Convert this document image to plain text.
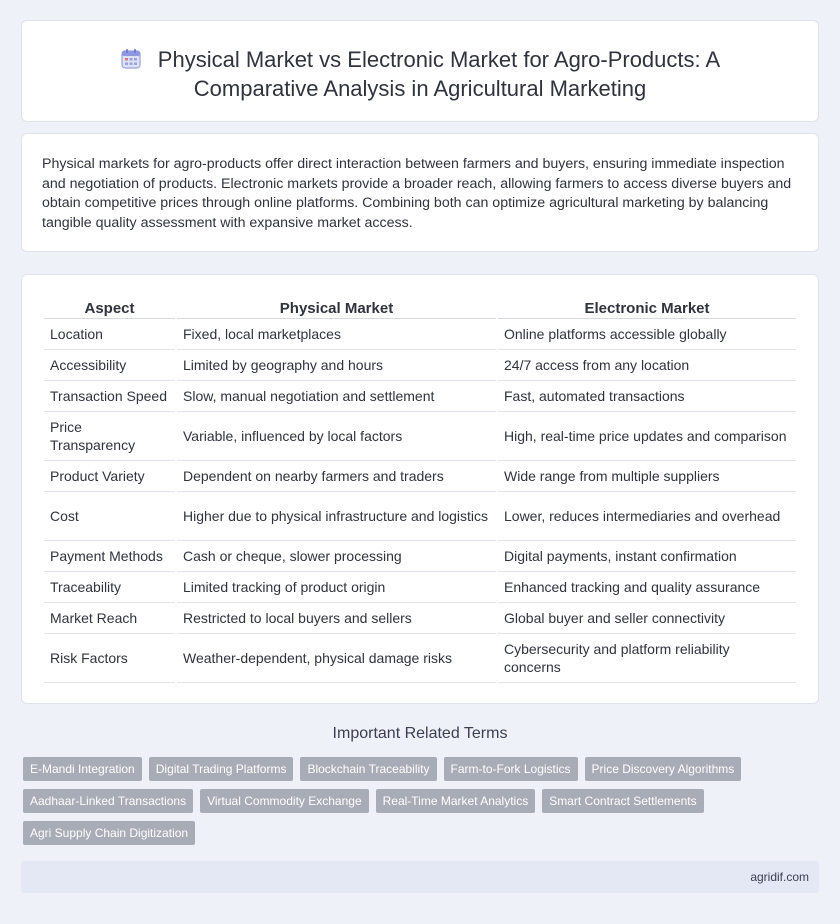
Physical Market vs Electronic Market for Agro-Products: A Comparative Analysis in Agricultural Marketing

Physical markets for agro-products offer direct interaction between farmers and buyers, ensuring immediate inspection and negotiation of products. Electronic markets provide a broader reach, allowing farmers to access diverse buyers and obtain competitive prices through online platforms. Combining both can optimize agricultural marketing by balancing tangible quality assessment with expansive market access.

Aspect	Physical Market	Electronic Market
Location	Fixed, local marketplaces	Online platforms accessible globally
Accessibility	Limited by geography and hours	24/7 access from any location
Transaction Speed	Slow, manual negotiation and settlement	Fast, automated transactions
Price Transparency	Variable, influenced by local factors	High, real-time price updates and comparison
Product Variety	Dependent on nearby farmers and traders	Wide range from multiple suppliers
Cost	Higher due to physical infrastructure and logistics	Lower, reduces intermediaries and overhead
Payment Methods	Cash or cheque, slower processing	Digital payments, instant confirmation
Traceability	Limited tracking of product origin	Enhanced tracking and quality assurance
Market Reach	Restricted to local buyers and sellers	Global buyer and seller connectivity
Risk Factors	Weather-dependent, physical damage risks	Cybersecurity and platform reliability concerns
Important Related Terms
E-Mandi Integration	Digital Trading Platforms	Blockchain Traceability	Farm-to-Fork Logistics	Price Discovery Algorithms
Aadhaar-Linked Transactions	Virtual Commodity Exchange	Real-Time Market Analytics	Smart Contract Settlements
Agri Supply Chain Digitization
agridif.com
